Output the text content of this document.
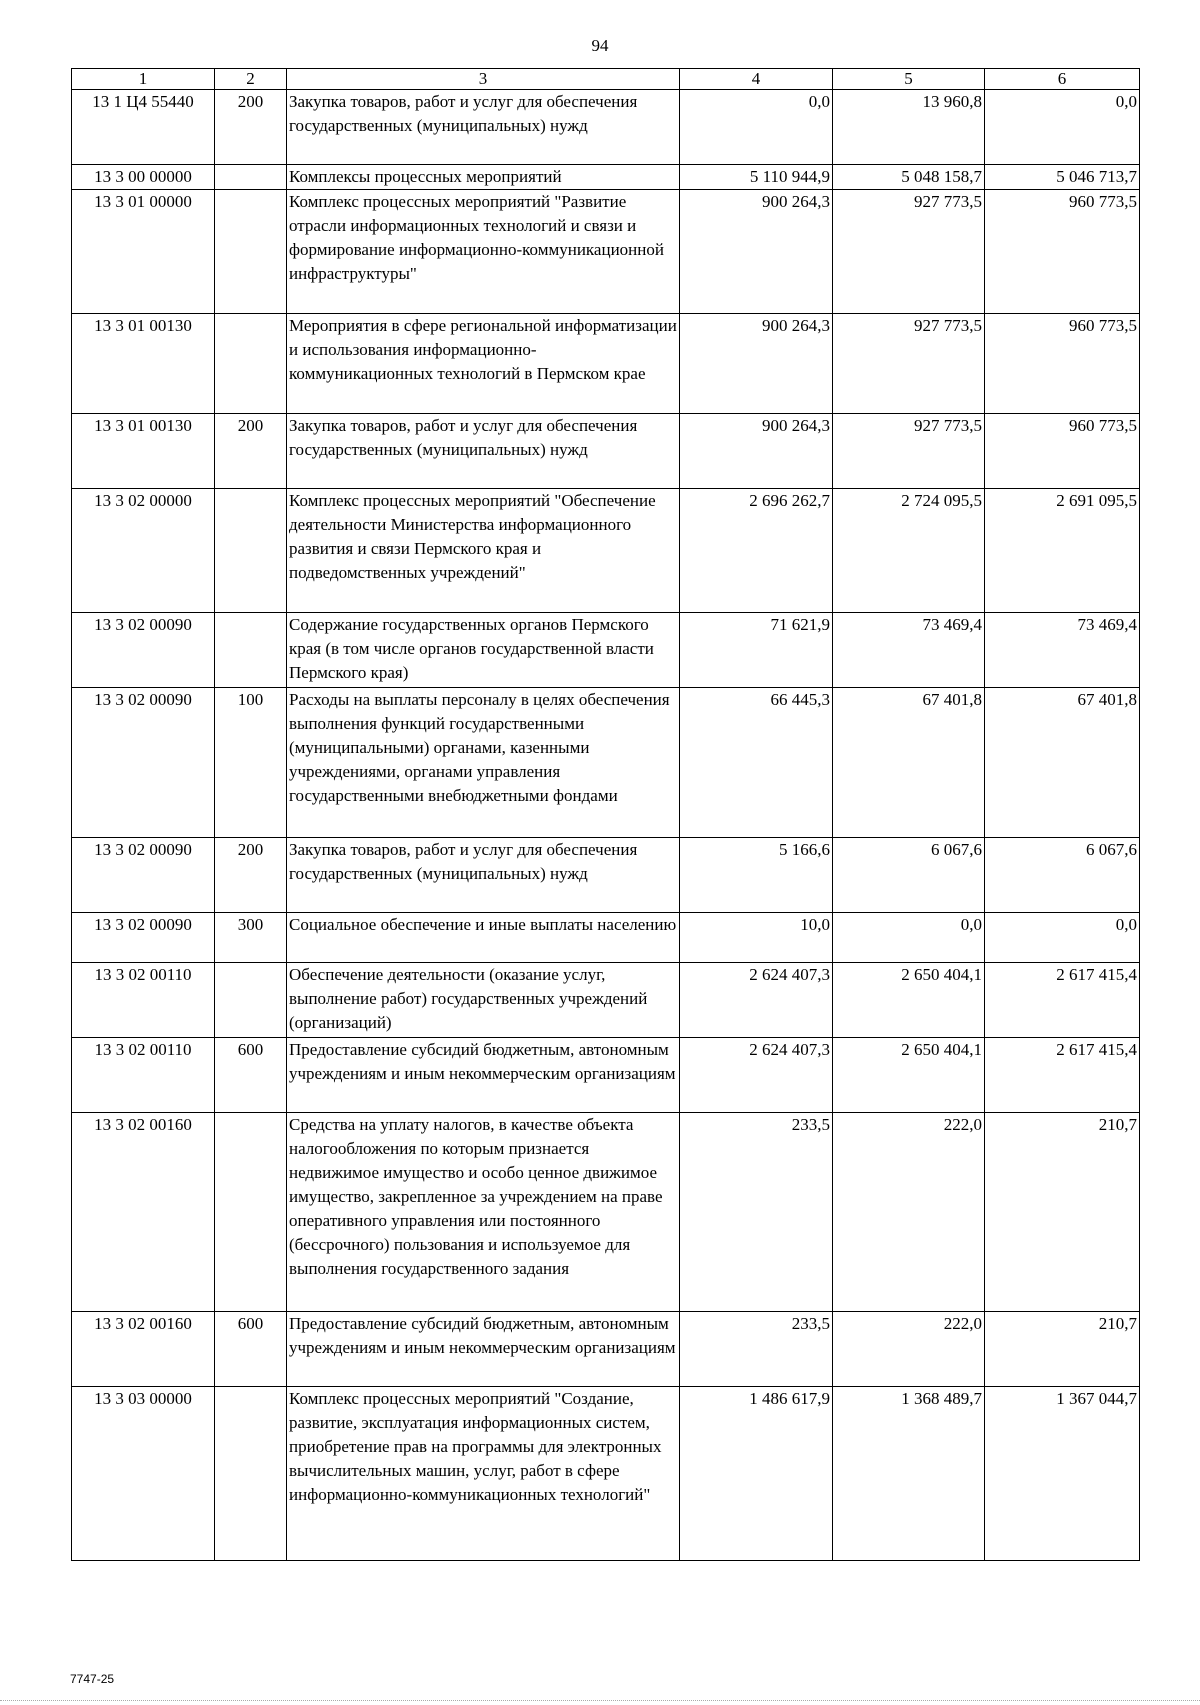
94
1	2	3	4	5	6
13 1 Ц4 55440	200	Закупка товаров, работ и услуг для обеспечения государственных (муниципальных) нужд	0,0	13 960,8	0,0
13 3 00 00000		Комплексы процессных мероприятий	5 110 944,9	5 048 158,7	5 046 713,7
13 3 01 00000		Комплекс процессных мероприятий "Развитие отрасли информационных технологий и связи и формирование информационно-коммуникационной инфраструктуры"	900 264,3	927 773,5	960 773,5
13 3 01 00130		Мероприятия в сфере региональной информатизации и использования информационно-коммуникационных технологий в Пермском крае	900 264,3	927 773,5	960 773,5
13 3 01 00130	200	Закупка товаров, работ и услуг для обеспечения государственных (муниципальных) нужд	900 264,3	927 773,5	960 773,5
13 3 02 00000		Комплекс процессных мероприятий "Обеспечение деятельности Министерства информационного развития и связи Пермского края и подведомственных учреждений"	2 696 262,7	2 724 095,5	2 691 095,5
13 3 02 00090		Содержание государственных органов Пермского края (в том числе органов государственной власти Пермского края)	71 621,9	73 469,4	73 469,4
13 3 02 00090	100	Расходы на выплаты персоналу в целях обеспечения выполнения функций государственными (муниципальными) органами, казенными учреждениями, органами управления государственными внебюджетными фондами	66 445,3	67 401,8	67 401,8
13 3 02 00090	200	Закупка товаров, работ и услуг для обеспечения государственных (муниципальных) нужд	5 166,6	6 067,6	6 067,6
13 3 02 00090	300	Социальное обеспечение и иные выплаты населению	10,0	0,0	0,0
13 3 02 00110		Обеспечение деятельности (оказание услуг, выполнение работ) государственных учреждений (организаций)	2 624 407,3	2 650 404,1	2 617 415,4
13 3 02 00110	600	Предоставление субсидий бюджетным, автономным учреждениям и иным некоммерческим организациям	2 624 407,3	2 650 404,1	2 617 415,4
13 3 02 00160		Средства на уплату налогов, в качестве объекта налогообложения по которым признается недвижимое имущество и особо ценное движимое имущество, закрепленное за учреждением на праве оперативного управления или постоянного (бессрочного) пользования и используемое для выполнения государственного задания	233,5	222,0	210,7
13 3 02 00160	600	Предоставление субсидий бюджетным, автономным учреждениям и иным некоммерческим организациям	233,5	222,0	210,7
13 3 03 00000		Комплекс процессных мероприятий "Создание, развитие, эксплуатация информационных систем, приобретение прав на программы для электронных вычислительных машин, услуг, работ в сфере информационно-коммуникационных технологий"	1 486 617,9	1 368 489,7	1 367 044,7
7747-25
